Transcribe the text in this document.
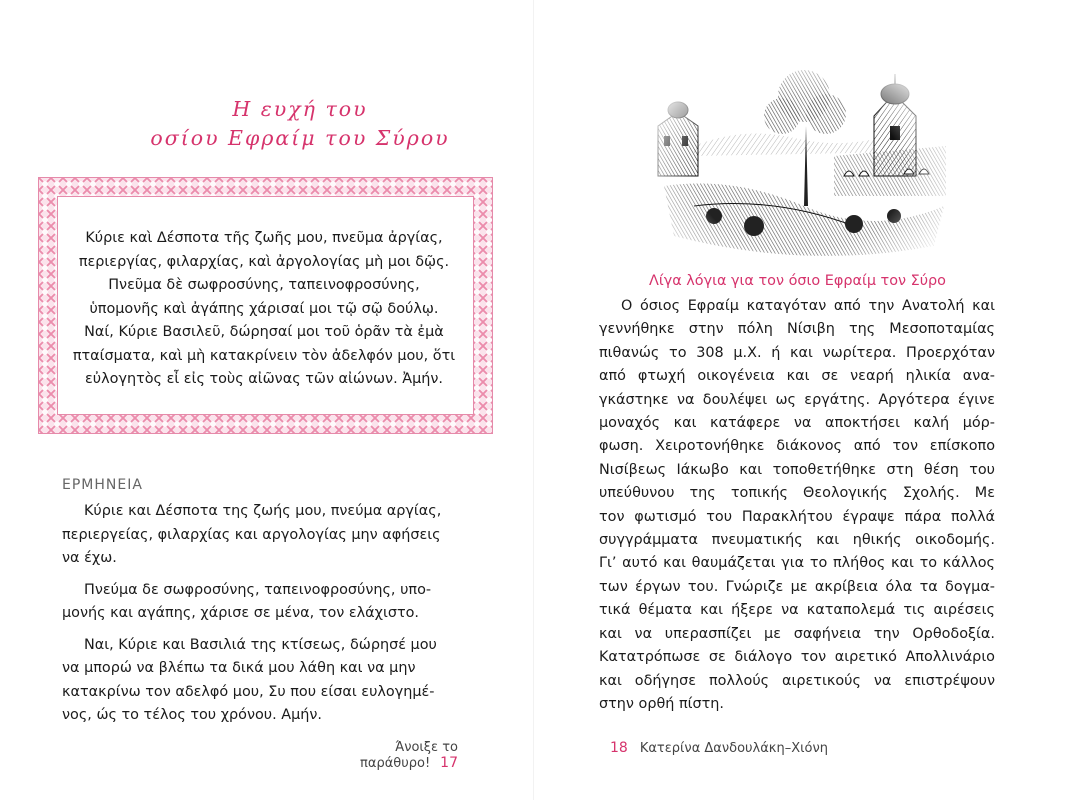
Η ευχή του
οσίου Εφραίμ του Σύρου
Κύριε καὶ Δέσποτα τῆς ζωῆς μου, πνεῦμα ἀργίας,
περιεργίας, φιλαρχίας, καὶ ἀργολογίας μὴ μοι δῷς.
Πνεῦμα δὲ σωφροσύνης, ταπεινοφροσύνης,
ὑπομονῆς καὶ ἀγάπης χάρισαί μοι τῷ σῷ δούλῳ.
Ναί, Κύριε Βασιλεῦ, δώρησαί μοι τοῦ ὁρᾶν τὰ ἐμὰ
πταίσματα, καὶ μὴ κατακρίνειν τὸν ἀδελφόν μου, ὅτι
εὐλογητὸς εἶ εἰς τοὺς αἰῶνας τῶν αἰώνων. Ἀμήν.
ΕΡΜΗΝΕΙΑ

Κύριε και Δέσποτα της ζωής μου, πνεύμα αργίας,
περιεργείας, φιλαρχίας και αργολογίας μην αφήσεις
να έχω.

Πνεύμα δε σωφροσύνης, ταπεινοφροσύνης, υπο-
μονής και αγάπης, χάρισε σε μένα, τον ελάχιστο.

Ναι, Κύριε και Βασιλιά της κτίσεως, δώρησέ μου
να μπορώ να βλέπω τα δικά μου λάθη και να μην
κατακρίνω τον αδελφό μου, Συ που είσαι ευλογημέ-
νος, ώς το τέλος του χρόνου. Αμήν.

Άνοιξε το παράθυρο! 17
Λίγα λόγια για τον όσιο Εφραίμ τον Σύρο
Ο όσιος Εφραίμ καταγόταν από την Ανατολή και
γεννήθηκε στην πόλη Νίσιβη της Μεσοποταμίας
πιθανώς το 308 μ.Χ. ή και νωρίτερα. Προερχόταν
από φτωχή οικογένεια και σε νεαρή ηλικία ανα-
γκάστηκε να δουλέψει ως εργάτης. Αργότερα έγινε
μοναχός και κατάφερε να αποκτήσει καλή μόρ-
φωση. Χειροτονήθηκε διάκονος από τον επίσκοπο
Νισίβεως Ιάκωβο και τοποθετήθηκε στη θέση του
υπεύθυνου της τοπικής Θεολογικής Σχολής. Με
τον φωτισμό του Παρακλήτου έγραψε πάρα πολλά
συγγράμματα πνευματικής και ηθικής οικοδομής.
Γι’ αυτό και θαυμάζεται για το πλήθος και το κάλλος
των έργων του. Γνώριζε με ακρίβεια όλα τα δογμα-
τικά θέματα και ήξερε να καταπολεμά τις αιρέσεις
και να υπερασπίζει με σαφήνεια την Ορθοδοξία.
Κατατρόπωσε σε διάλογο τον αιρετικό Απολλινάριο
και οδήγησε πολλούς αιρετικούς να επιστρέψουν
στην ορθή πίστη.
18 Κατερίνα Δανδουλάκη–Χιόνη
